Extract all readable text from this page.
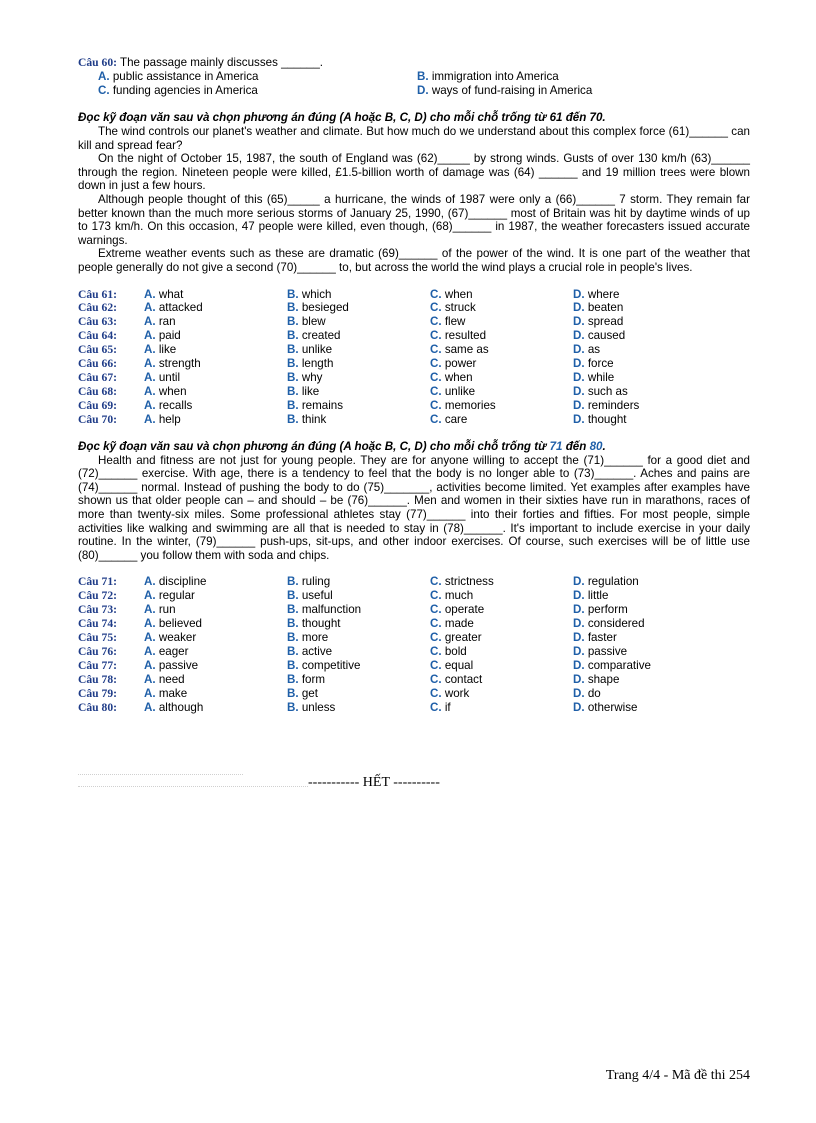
Câu 60: The passage mainly discusses ______.
A. public assistance in America	B. immigration into America
C. funding agencies in America	D. ways of fund-raising in America
Đọc kỹ đoạn văn sau và chọn phương án đúng (A hoặc B, C, D) cho mỗi chỗ trống từ 61 đến 70.

The wind controls our planet's weather and climate. But how much do we understand about this complex force (61)______ can kill and spread fear?

On the night of October 15, 1987, the south of England was (62)_____ by strong winds. Gusts of over 130 km/h (63)______ through the region. Nineteen people were killed, £1.5-billion worth of damage was (64) ______ and 19 million trees were blown down in just a few hours.

Although people thought of this (65)_____ a hurricane, the winds of 1987 were only a (66)______ 7 storm. They remain far better known than the much more serious storms of January 25, 1990, (67)______ most of Britain was hit by daytime winds of up to 173 km/h. On this occasion, 47 people were killed, even though, (68)______ in 1987, the weather forecasters issued accurate warnings.

Extreme weather events such as these are dramatic (69)______ of the power of the wind. It is one part of the weather that people generally do not give a second (70)______ to, but across the world the wind plays a crucial role in people's lives.

Câu 61:	A. what	B. which	C. when	D. where
Câu 62:	A. attacked	B. besieged	C. struck	D. beaten
Câu 63:	A. ran	B. blew	C. flew	D. spread
Câu 64:	A. paid	B. created	C. resulted	D. caused
Câu 65:	A. like	B. unlike	C. same as	D. as
Câu 66:	A. strength	B. length	C. power	D. force
Câu 67:	A. until	B. why	C. when	D. while
Câu 68:	A. when	B. like	C. unlike	D. such as
Câu 69:	A. recalls	B. remains	C. memories	D. reminders
Câu 70:	A. help	B. think	C. care	D. thought
Đọc kỹ đoạn văn sau và chọn phương án đúng (A hoặc B, C, D) cho mỗi chỗ trống từ 71 đến 80.

Health and fitness are not just for young people. They are for anyone willing to accept the (71)______ for a good diet and (72)______ exercise. With age, there is a tendency to feel that the body is no longer able to (73)______. Aches and pains are (74)______ normal. Instead of pushing the body to do (75)_______, activities become limited. Yet examples after examples have shown us that older people can – and should – be (76)______. Men and women in their sixties have run in marathons, races of more than twenty-six miles. Some professional athletes stay (77)______ into their forties and fifties. For most people, simple activities like walking and swimming are all that is needed to stay in (78)______. It's important to include exercise in your daily routine. In the winter, (79)______ push-ups, sit-ups, and other indoor exercises. Of course, such exercises will be of little use (80)______ you follow them with soda and chips.

Câu 71:	A. discipline	B. ruling	C. strictness	D. regulation
Câu 72:	A. regular	B. useful	C. much	D. little
Câu 73:	A. run	B. malfunction	C. operate	D. perform
Câu 74:	A. believed	B. thought	C. made	D. considered
Câu 75:	A. weaker	B. more	C. greater	D. faster
Câu 76:	A. eager	B. active	C. bold	D. passive
Câu 77:	A. passive	B. competitive	C. equal	D. comparative
Câu 78:	A. need	B. form	C. contact	D. shape
Câu 79:	A. make	B. get	C. work	D. do
Câu 80:	A. although	B. unless	C. if	D. otherwise
----------- HẾT ----------
Trang 4/4 - Mã đề thi 254
